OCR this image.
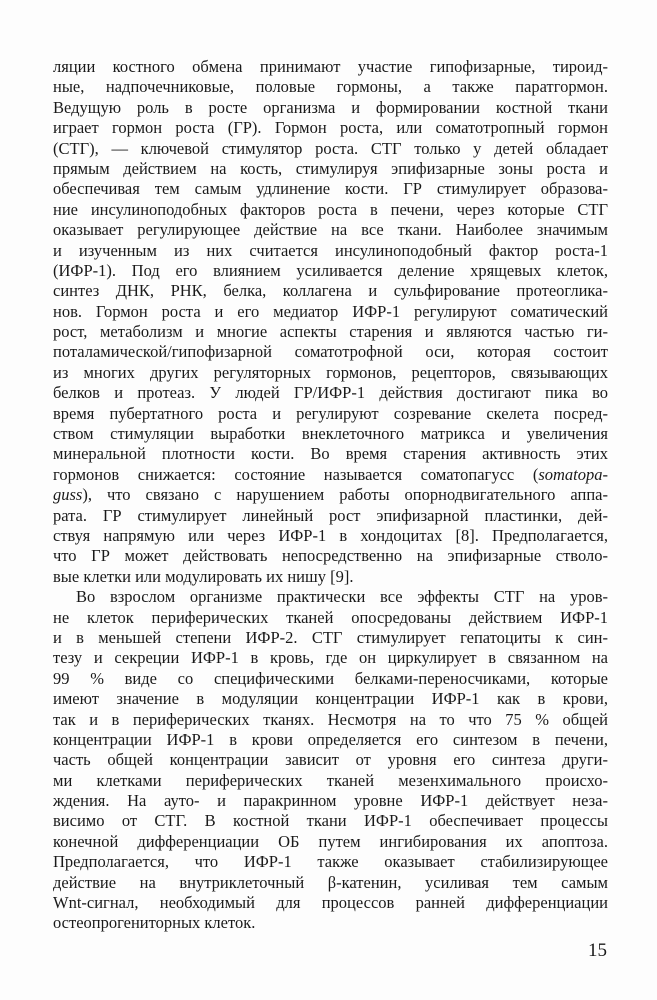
ляции костного обмена принимают участие гипофизарные, тироид-
ные, надпочечниковые, половые гормоны, а также паратгормон.
Ведущую роль в росте организма и формировании костной ткани
играет гормон роста (ГР). Гормон роста, или соматотропный гормон
(СТГ), — ключевой стимулятор роста. СТГ только у детей обладает
прямым действием на кость, стимулируя эпифизарные зоны роста и
обеспечивая тем самым удлинение кости. ГР стимулирует образова-
ние инсулиноподобных факторов роста в печени, через которые СТГ
оказывает регулирующее действие на все ткани. Наиболее значимым
и изученным из них считается инсулиноподобный фактор роста-1
(ИФР-1). Под его влиянием усиливается деление хрящевых клеток,
синтез ДНК, РНК, белка, коллагена и сульфирование протеоглика-
нов. Гормон роста и его медиатор ИФР-1 регулируют соматический
рост, метаболизм и многие аспекты старения и являются частью ги-
поталамической/гипофизарной соматотрофной оси, которая состоит
из многих других регуляторных гормонов, рецепторов, связывающих
белков и протеаз. У людей ГР/ИФР-1 действия достигают пика во
время пубертатного роста и регулируют созревание скелета посред-
ством стимуляции выработки внеклеточного матрикса и увеличения
минеральной плотности кости. Во время старения активность этих
гормонов снижается: состояние называется соматопагусс (somatopa-
guss), что связано с нарушением работы опорнодвигательного аппа-
рата. ГР стимулирует линейный рост эпифизарной пластинки, дей-
ствуя напрямую или через ИФР-1 в хондоцитах [8]. Предполагается,
что ГР может действовать непосредственно на эпифизарные стволо-
вые клетки или модулировать их нишу [9].
Во взрослом организме практически все эффекты СТГ на уров-
не клеток периферических тканей опосредованы действием ИФР-1
и в меньшей степени ИФР-2. СТГ стимулирует гепатоциты к син-
тезу и секреции ИФР-1 в кровь, где он циркулирует в связанном на
99 % виде со специфическими белками-переносчиками, которые
имеют значение в модуляции концентрации ИФР-1 как в крови,
так и в периферических тканях. Несмотря на то что 75 % общей
концентрации ИФР-1 в крови определяется его синтезом в печени,
часть общей концентрации зависит от уровня его синтеза други-
ми клетками периферических тканей мезенхимального происхо-
ждения. На ауто- и паракринном уровне ИФР-1 действует неза-
висимо от СТГ. В костной ткани ИФР-1 обеспечивает процессы
конечной дифференциации ОБ путем ингибирования их апоптоза.
Предполагается, что ИФР-1 также оказывает стабилизирующее
действие на внутриклеточный β-катенин, усиливая тем самым
Wnt-сигнал, необходимый для процессов ранней дифференциации
остеопрогениторных клеток.
15
